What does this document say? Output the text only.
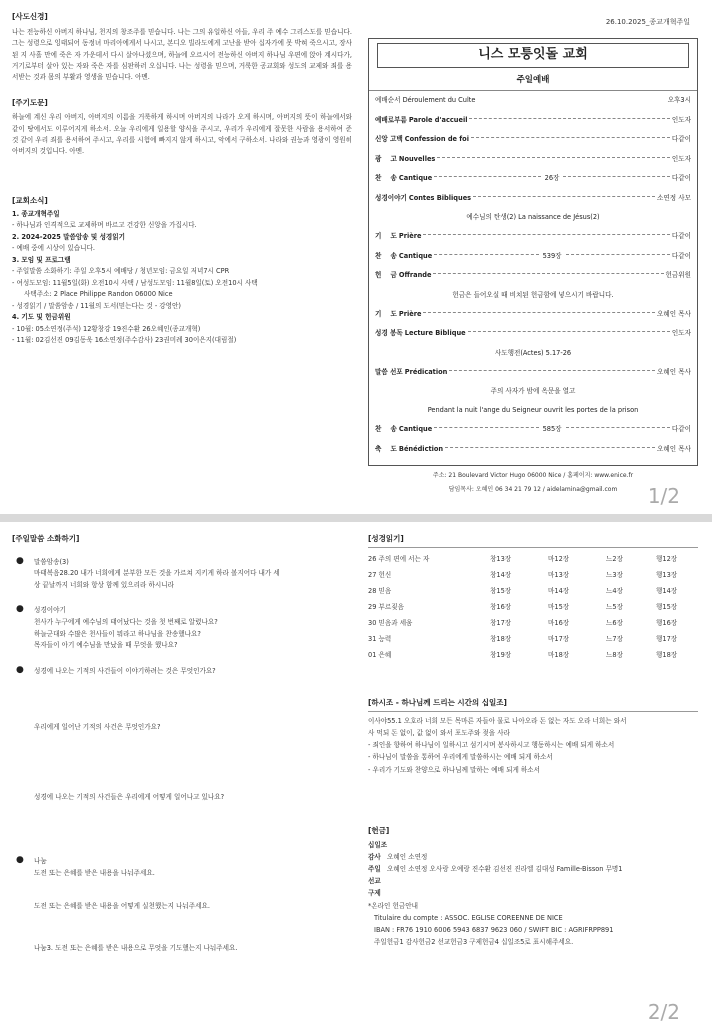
26.10.2025_종교개혁주일
[사도신경]
나는 전능하신 아버지 하나님, 천지의 창조주를 믿습니다. 나는 그의 유일하신 아들, 우리 주 예수 그리스도를 믿습니다. 그는 성령으로 잉태되어 동정녀 마리아에게서 나시고, 본디오 빌라도에게 고난을 받아 십자가에 못 박혀 죽으시고, 장사된 지 사흘 만에 죽은 자 가운데서 다시 살아나셨으며, 하늘에 오르시어 전능하신 아버지 하나님 우편에 앉아 계시다가, 거기로부터 살아 있는 자와 죽은 자를 심판하러 오십니다. 나는 성령을 믿으며, 거룩한 공교회와 성도의 교제와 죄를 용서받는 것과 몸의 부활과 영생을 믿습니다. 아멘.
[주기도문]
하늘에 계신 우리 아버지, 아버지의 이름을 거룩하게 하시며 아버지의 나라가 오게 하시며, 아버지의 뜻이 하늘에서와 같이 땅에서도 이루어지게 하소서. 오늘 우리에게 일용할 양식을 주시고, 우리가 우리에게 잘못한 사람을 용서하여 준 것 같이 우리 죄를 용서하여 주시고, 우리를 시험에 빠지지 않게 하시고, 악에서 구하소서. 나라와 권능과 영광이 영원히 아버지의 것입니다. 아멘.
[교회소식]
1. 종교개혁주일
- 하나님과 인격적으로 교제하며 바르고 건강한 신앙을 가집시다.
2. 2024-2025 말씀암송 및 성경읽기
- 예배 중에 시상이 있습니다.
3. 모임 및 프로그램
- 주일말씀 소화하기: 주일 오후5시 예배당 / 청년모임: 금요일 저녁7시 CPR
- 여성도모임: 11월5일(화) 오전10시 사택 / 남성도모임: 11월8일(토) 오전10시 사택
사택주소: 2 Place Philippe Randon 06000 Nice
- 성경읽기 / 말씀암송 / 11월의 도서(믿는다는 것 - 강영안)
4. 기도 및 헌금위원
- 10월: 05소연정(주석) 12황창강 19진수환 26오혜인(종교개혁)
- 11월: 02김선진 09김동욱 16소연정(주수감사) 23권미례 30이은지(대림절)
니스 모퉁잇돌 교회
주일예배
예배순서 Déroulement du Culte	오후3시
예배로부름 Parole d'accueil	인도자
신앙 고백 Confession de foi	다같이
광    고 Nouvelles	인도자
찬    송 Cantique	26장	다같이
성경이야기 Contes Bibliques	소연정 사모
예수님의 탄생(2) La naissance de Jésus(2)
기    도 Prière	다같이
찬    송 Cantique	539장	다같이
헌    금 Offrande	헌금위원
헌금은 들어오실 때 비치된 헌금함에 넣으시기 바랍니다.
기    도 Prière	오혜인 목사
성경 봉독 Lecture Biblique	인도자
사도행전(Actes) 5.17-26
말씀 선포 Prédication	오혜인 목사
주의 사자가 밤에 옥문을 열고
Pendant la nuit l'ange du Seigneur ouvrit les portes de la prison
찬    송 Cantique	585장	다같이
축    도 Bénédiction	오혜인 목사
주소: 21 Boulevard Victor Hugo 06000 Nice / 홈페이지: www.enice.fr
담임목사: 오혜인 06 34 21 79 12 / aidelamina@gmail.com	1/2
[주일말씀 소화하기]
●	말씀암송(3)
마태복음28.20 내가 너희에게 분부한 모든 것을 가르쳐 지키게 하라 볼지어다 내가 세
상 끝날까지 너희와 항상 함께 있으리라 하시니라
●	성경이야기
천사가 누구에게 예수님의 태어났다는 것을 첫 번째로 알렸나요?
하늘군대와 수많은 천사들이 뭐라고 하나님을 찬송했나요?
목자들이 아기 예수님을 만났을 때 무엇을 했나요?
●	성경에 나오는 기적의 사건들이 이야기하려는 것은 무엇인가요?
우리에게 일어난 기적의 사건은 무엇인가요?
성경에 나오는 기적의 사건들은 우리에게 어떻게 일어나고 있나요?
●	나눔
도전 또는 은혜를 받은 내용을 나눠주세요.
도전 또는 은혜를 받은 내용을 어떻게 실천했는지 나눠주세요.
나눔3. 도전 또는 은혜를 받은 내용으로 무엇을 기도했는지 나눠주세요.
[성경읽기]
26 주의 편에 서는 자	창13장	마12장	느2장	행12장
27 헌신	창14장	마13장	느3장	행13장
28 믿음	창15장	마14장	느4장	행14장
29 부르짖음	창16장	마15장	느5장	행15장
30 믿음과 세움	창17장	마16장	느6장	행16장
31 능력	창18장	마17장	느7장	행17장
01 은혜	창19장	마18장	느8장	행18장
[하시조 - 하나님께 드리는 시간의 십일조]
이사야55.1 오호라 너희 모든 목마른 자들아 물로 나아오라 돈 없는 자도 오라 너희는 와서
사 먹되 돈 없이, 값 없이 와서 포도주와 젖을 사라
- 죄인을 향하여 하나님이 일하시고 섬기시며 봉사하시고 행동하시는 예배 되게 하소서
- 하나님이 말씀을 통하여 우리에게 말씀하시는 예배 되게 하소서
- 우리가 기도와 찬양으로 하나님께 말하는 예배 되게 하소서
[헌금]
십일조
감사 오혜인 소연정
주일 오혜인 소연정 오사랑 오예랑 진수환 김선진 진라엘 김대성 Famille-Bisson 무명1
선교
구제
*온라인 헌금안내
Titulaire du compte : ASSOC. EGLISE COREENNE DE NICE
IBAN : FR76 1910 6006 5943 6837 9623 060 / SWIFT BIC : AGRIFRPP891
주일헌금1 감사헌금2 선교헌금3 구제헌금4 십일조5로 표시해주세요.
2/2
